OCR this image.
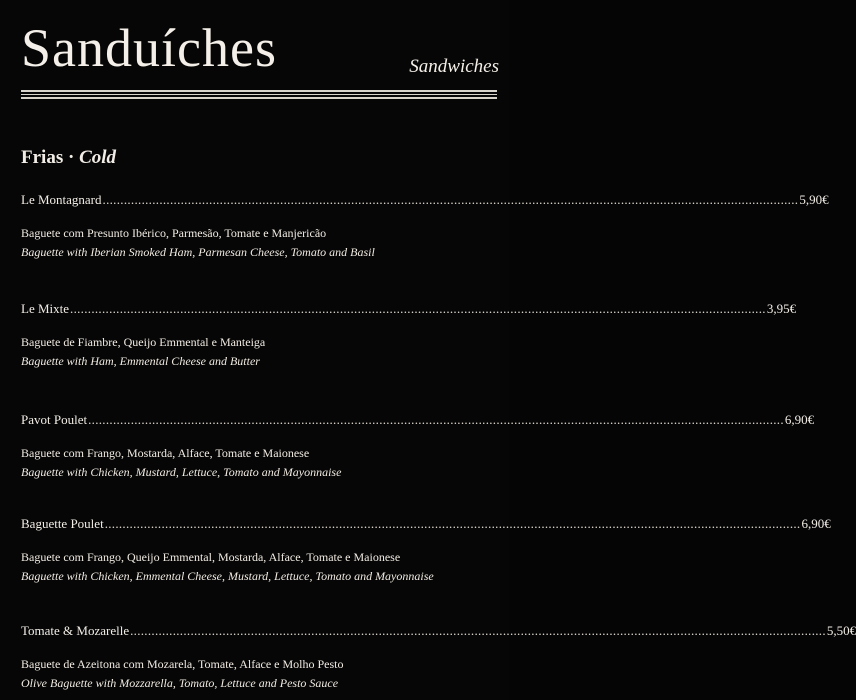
Sanduíches	Sandwiches
Frias · Cold
Le Montagnard .................................................................................................................................................................................................... 5,90€
Baguete com Presunto Ibérico, Parmesão, Tomate e Manjericão
Baguette with Iberian Smoked Ham, Parmesan Cheese, Tomato and Basil
Le Mixte .................................................................................................................................................................................................... 3,95€
Baguete de Fiambre, Queijo Emmental e Manteiga
Baguette with Ham, Emmental Cheese and Butter
Pavot Poulet .................................................................................................................................................................................................... 6,90€
Baguete com Frango, Mostarda, Alface, Tomate e Maionese
Baguette with Chicken, Mustard, Lettuce, Tomato and Mayonnaise
Baguette Poulet .................................................................................................................................................................................................... 6,90€
Baguete com Frango, Queijo Emmental, Mostarda, Alface, Tomate e Maionese
Baguette with Chicken, Emmental Cheese, Mustard, Lettuce, Tomato and Mayonnaise
Tomate & Mozarelle .................................................................................................................................................................................................... 5,50€
Baguete de Azeitona com Mozarela, Tomate, Alface e Molho Pesto
Olive Baguette with Mozzarella, Tomato, Lettuce and Pesto Sauce
